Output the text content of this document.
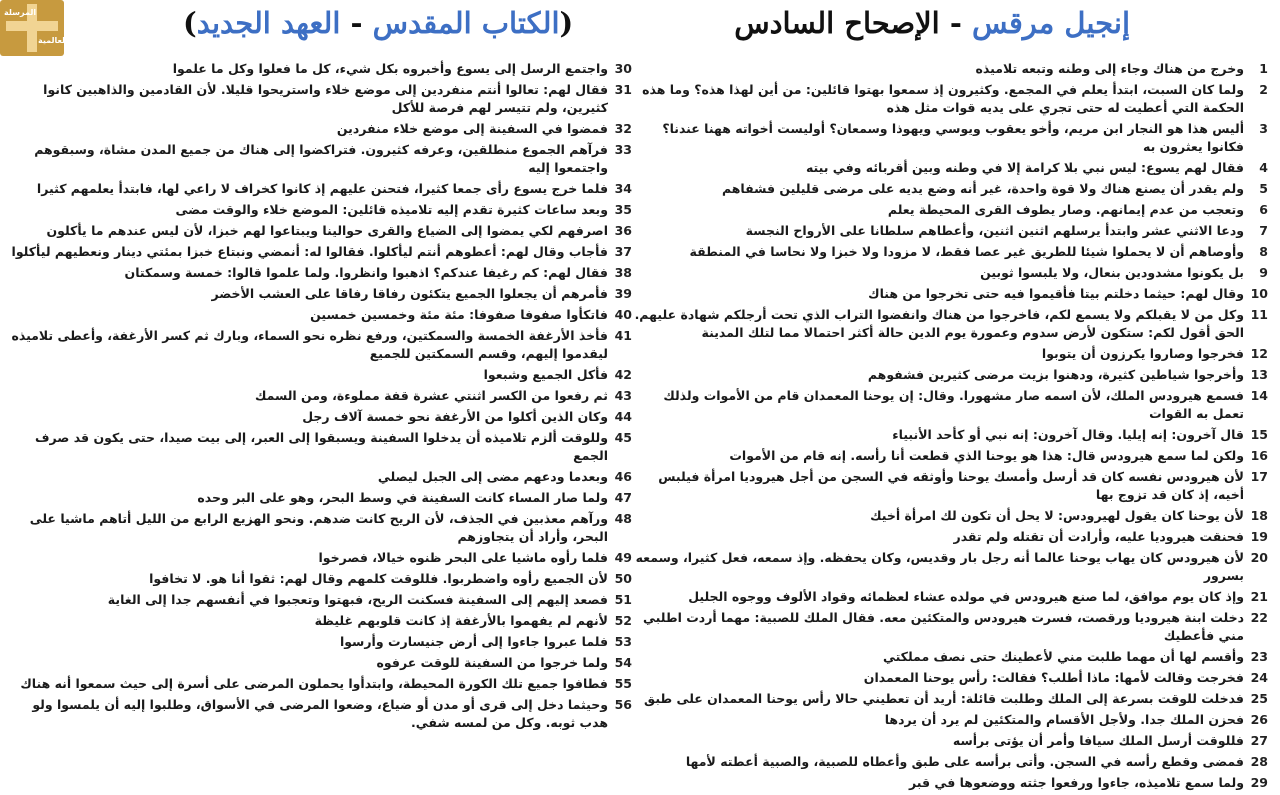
المرسلة
العالمية
(الكتاب المقدس - العهد الجديد)	إنجيل مرقس - الإصحاح السادس
1
وخرج من هناك وجاء إلى وطنه وتبعه تلاميذه
2
ولما كان السبت، ابتدأ يعلم في المجمع. وكثيرون إذ سمعوا بهتوا قائلين: من أين لهذا هذه؟ وما هذه الحكمة التي أعطيت له حتى تجري على يديه قوات مثل هذه
3
أليس هذا هو النجار ابن مريم، وأخو يعقوب ويوسي ويهوذا وسمعان؟ أوليست أخواته ههنا عندنا؟ فكانوا يعثرون به
4
فقال لهم يسوع: ليس نبي بلا كرامة إلا في وطنه وبين أقربائه وفي بيته
5
ولم يقدر أن يصنع هناك ولا قوة واحدة، غير أنه وضع يديه على مرضى قليلين فشفاهم
6
وتعجب من عدم إيمانهم. وصار يطوف القرى المحيطة يعلم
7
ودعا الاثني عشر وابتدأ يرسلهم اثنين اثنين، وأعطاهم سلطانا على الأرواح النجسة
8
وأوصاهم أن لا يحملوا شيئا للطريق غير عصا فقط، لا مزودا ولا خبزا ولا نحاسا في المنطقة
9
بل يكونوا مشدودين بنعال، ولا يلبسوا ثوبين
10
وقال لهم: حيثما دخلتم بيتا فأقيموا فيه حتى تخرجوا من هناك
11
وكل من لا يقبلكم ولا يسمع لكم، فاخرجوا من هناك وانفضوا التراب الذي تحت أرجلكم شهادة عليهم. الحق أقول لكم: ستكون لأرض سدوم وعمورة يوم الدين حالة أكثر احتمالا مما لتلك المدينة
12
فخرجوا وصاروا يكرزون أن يتوبوا
13
وأخرجوا شياطين كثيرة، ودهنوا بزيت مرضى كثيرين فشفوهم
14
فسمع هيرودس الملك، لأن اسمه صار مشهورا. وقال: إن يوحنا المعمدان قام من الأموات ولذلك تعمل به القوات
15
قال آخرون: إنه إيليا. وقال آخرون: إنه نبي أو كأحد الأنبياء
16
ولكن لما سمع هيرودس قال: هذا هو يوحنا الذي قطعت أنا رأسه. إنه قام من الأموات
17
لأن هيرودس نفسه كان قد أرسل وأمسك يوحنا وأوثقه في السجن من أجل هيروديا امرأة فيلبس أخيه، إذ كان قد تزوج بها
18
لأن يوحنا كان يقول لهيرودس: لا يحل أن تكون لك امرأة أخيك
19
فحنقت هيروديا عليه، وأرادت أن تقتله ولم تقدر
20
لأن هيرودس كان يهاب يوحنا عالما أنه رجل بار وقديس، وكان يحفظه. وإذ سمعه، فعل كثيرا، وسمعه بسرور
21
وإذ كان يوم موافق، لما صنع هيرودس في مولده عشاء لعظمائه وقواد الألوف ووجوه الجليل
22
دخلت ابنة هيروديا ورقصت، فسرت هيرودس والمتكئين معه. فقال الملك للصبية: مهما أردت اطلبي مني فأعطيك
23
وأقسم لها أن مهما طلبت مني لأعطينك حتى نصف مملكتي
24
فخرجت وقالت لأمها: ماذا أطلب؟ فقالت: رأس يوحنا المعمدان
25
فدخلت للوقت بسرعة إلى الملك وطلبت قائلة: أريد أن تعطيني حالا رأس يوحنا المعمدان على طبق
26
فحزن الملك جدا. ولأجل الأقسام والمتكئين لم يرد أن يردها
27
فللوقت أرسل الملك سيافا وأمر أن يؤتى برأسه
28
فمضى وقطع رأسه في السجن. وأتى برأسه على طبق وأعطاه للصبية، والصبية أعطته لأمها
29
ولما سمع تلاميذه، جاءوا ورفعوا جثته ووضعوها في قبر
30
واجتمع الرسل إلى يسوع وأخبروه بكل شيء، كل ما فعلوا وكل ما علموا
31
فقال لهم: تعالوا أنتم منفردين إلى موضع خلاء واستريحوا قليلا. لأن القادمين والذاهبين كانوا كثيرين، ولم تتيسر لهم فرصة للأكل
32
فمضوا في السفينة إلى موضع خلاء منفردين
33
فرآهم الجموع منطلقين، وعرفه كثيرون. فتراكضوا إلى هناك من جميع المدن مشاة، وسبقوهم واجتمعوا إليه
34
فلما خرج يسوع رأى جمعا كثيرا، فتحنن عليهم إذ كانوا كخراف لا راعي لها، فابتدأ يعلمهم كثيرا
35
وبعد ساعات كثيرة تقدم إليه تلاميذه قائلين: الموضع خلاء والوقت مضى
36
اصرفهم لكي يمضوا إلى الضياع والقرى حوالينا ويبتاعوا لهم خبزا، لأن ليس عندهم ما يأكلون
37
فأجاب وقال لهم: أعطوهم أنتم ليأكلوا. فقالوا له: أنمضي ونبتاع خبزا بمئتي دينار ونعطيهم ليأكلوا
38
فقال لهم: كم رغيفا عندكم؟ اذهبوا وانظروا. ولما علموا قالوا: خمسة وسمكتان
39
فأمرهم أن يجعلوا الجميع يتكئون رفاقا رفاقا على العشب الأخضر
40
فاتكأوا صفوفا صفوفا: مئة مئة وخمسين خمسين
41
فأخذ الأرغفة الخمسة والسمكتين، ورفع نظره نحو السماء، وبارك ثم كسر الأرغفة، وأعطى تلاميذه ليقدموا إليهم، وقسم السمكتين للجميع
42
فأكل الجميع وشبعوا
43
ثم رفعوا من الكسر اثنتي عشرة قفة مملوءة، ومن السمك
44
وكان الذين أكلوا من الأرغفة نحو خمسة آلاف رجل
45
وللوقت ألزم تلاميذه أن يدخلوا السفينة ويسبقوا إلى العبر، إلى بيت صيدا، حتى يكون قد صرف الجمع
46
وبعدما ودعهم مضى إلى الجبل ليصلي
47
ولما صار المساء كانت السفينة في وسط البحر، وهو على البر وحده
48
ورآهم معذبين في الجذف، لأن الريح كانت ضدهم. ونحو الهزيع الرابع من الليل أتاهم ماشيا على البحر، وأراد أن يتجاوزهم
49
فلما رأوه ماشيا على البحر ظنوه خيالا، فصرخوا
50
لأن الجميع رأوه واضطربوا. فللوقت كلمهم وقال لهم: ثقوا أنا هو. لا تخافوا
51
فصعد إليهم إلى السفينة فسكنت الريح، فبهتوا وتعجبوا في أنفسهم جدا إلى الغاية
52
لأنهم لم يفهموا بالأرغفة إذ كانت قلوبهم غليظة
53
فلما عبروا جاءوا إلى أرض جنيسارت وأرسوا
54
ولما خرجوا من السفينة للوقت عرفوه
55
فطافوا جميع تلك الكورة المحيطة، وابتدأوا يحملون المرضى على أسرة إلى حيث سمعوا أنه هناك
56
وحيثما دخل إلى قرى أو مدن أو ضياع، وضعوا المرضى في الأسواق، وطلبوا إليه أن يلمسوا ولو هدب ثوبه. وكل من لمسه شفي.
